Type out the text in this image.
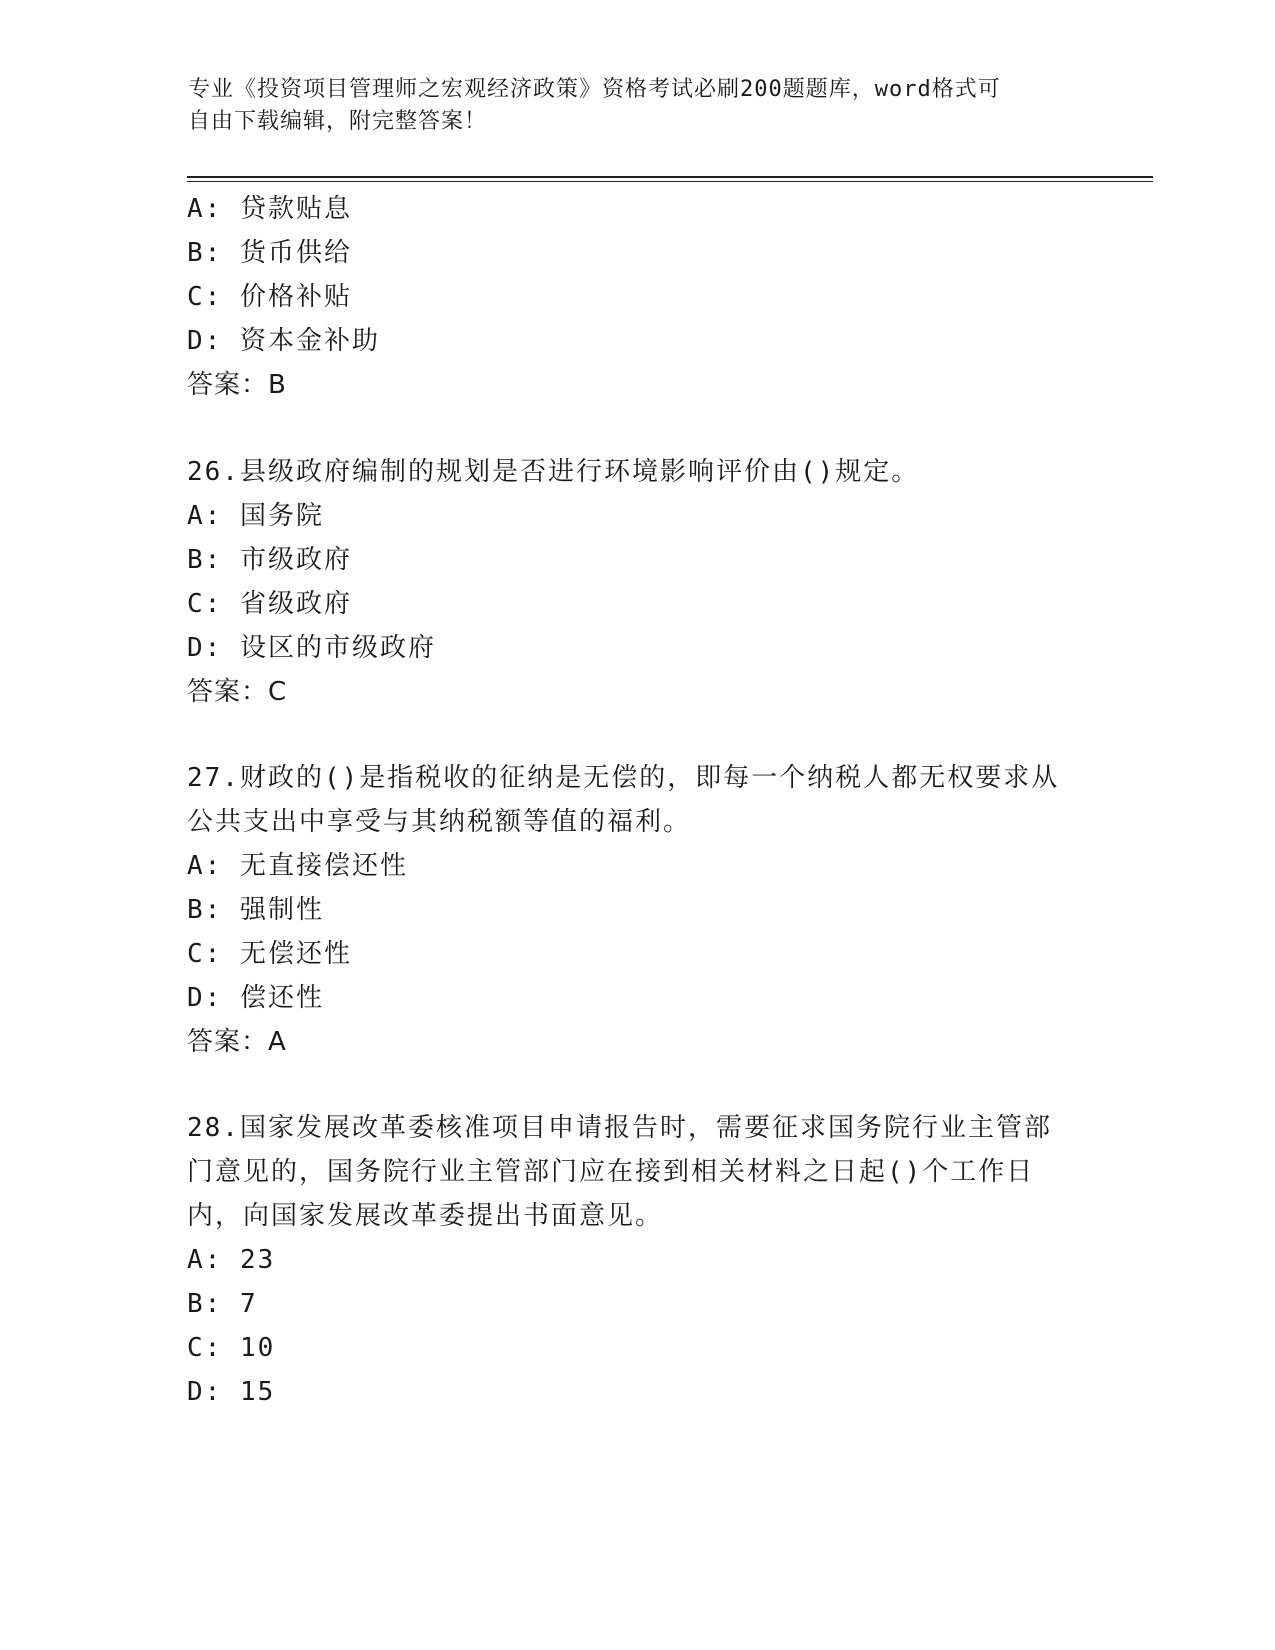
专业《投资项目管理师之宏观经济政策》资格考试必刷200题题库，word格式可
自由下载编辑，附完整答案！
A: 贷款贴息
B: 货币供给
C: 价格补贴
D: 资本金补助
答案：B
26.县级政府编制的规划是否进行环境影响评价由()规定。
A: 国务院
B: 市级政府
C: 省级政府
D: 设区的市级政府
答案：C
27.财政的()是指税收的征纳是无偿的，即每一个纳税人都无权要求从
公共支出中享受与其纳税额等值的福利。
A: 无直接偿还性
B: 强制性
C: 无偿还性
D: 偿还性
答案：A
28.国家发展改革委核准项目申请报告时，需要征求国务院行业主管部
门意见的，国务院行业主管部门应在接到相关材料之日起()个工作日
内，向国家发展改革委提出书面意见。
A: 23
B: 7
C: 10
D: 15
